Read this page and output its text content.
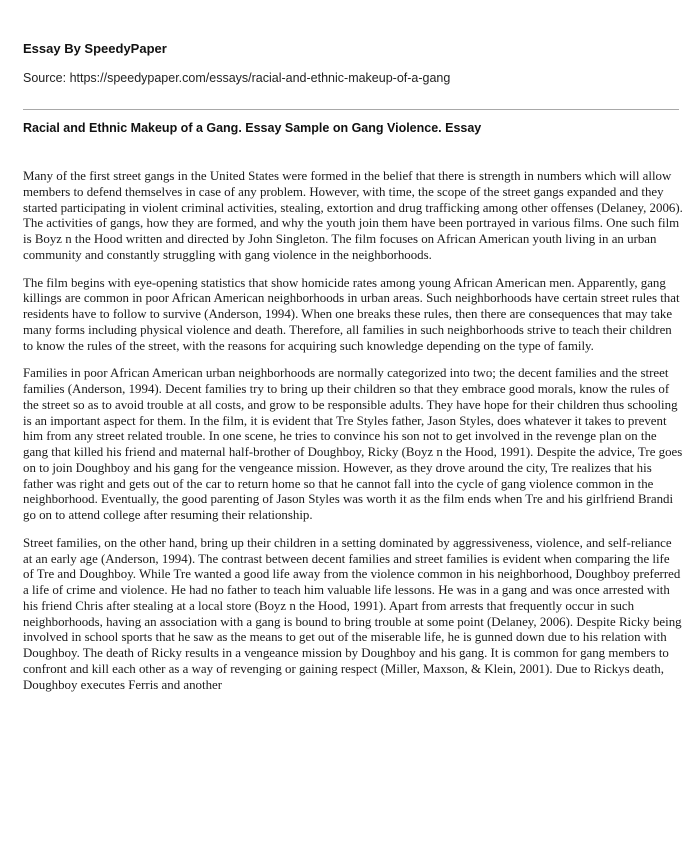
Essay By SpeedyPaper
Source: https://speedypaper.com/essays/racial-and-ethnic-makeup-of-a-gang
Racial and Ethnic Makeup of a Gang. Essay Sample on Gang Violence. Essay

Many of the first street gangs in the United States were formed in the belief that there is strength in numbers which will allow members to defend themselves in case of any problem. However, with time, the scope of the street gangs expanded and they started participating in violent criminal activities, stealing, extortion and drug trafficking among other offenses (Delaney, 2006). The activities of gangs, how they are formed, and why the youth join them have been portrayed in various films. One such film is Boyz n the Hood written and directed by John Singleton. The film focuses on African American youth living in an urban community and constantly struggling with gang violence in the neighborhoods.

The film begins with eye-opening statistics that show homicide rates among young African American men. Apparently, gang killings are common in poor African American neighborhoods in urban areas. Such neighborhoods have certain street rules that residents have to follow to survive (Anderson, 1994). When one breaks these rules, then there are consequences that may take many forms including physical violence and death. Therefore, all families in such neighborhoods strive to teach their children to know the rules of the street, with the reasons for acquiring such knowledge depending on the type of family.

Families in poor African American urban neighborhoods are normally categorized into two; the decent families and the street families (Anderson, 1994). Decent families try to bring up their children so that they embrace good morals, know the rules of the street so as to avoid trouble at all costs, and grow to be responsible adults. They have hope for their children thus schooling is an important aspect for them. In the film, it is evident that Tre Styles father, Jason Styles, does whatever it takes to prevent him from any street related trouble. In one scene, he tries to convince his son not to get involved in the revenge plan on the gang that killed his friend and maternal half-brother of Doughboy, Ricky (Boyz n the Hood, 1991). Despite the advice, Tre goes on to join Doughboy and his gang for the vengeance mission. However, as they drove around the city, Tre realizes that his father was right and gets out of the car to return home so that he cannot fall into the cycle of gang violence common in the neighborhood. Eventually, the good parenting of Jason Styles was worth it as the film ends when Tre and his girlfriend Brandi go on to attend college after resuming their relationship.

Street families, on the other hand, bring up their children in a setting dominated by aggressiveness, violence, and self-reliance at an early age (Anderson, 1994). The contrast between decent families and street families is evident when comparing the life of Tre and Doughboy. While Tre wanted a good life away from the violence common in his neighborhood, Doughboy preferred a life of crime and violence. He had no father to teach him valuable life lessons. He was in a gang and was once arrested with his friend Chris after stealing at a local store (Boyz n the Hood, 1991). Apart from arrests that frequently occur in such neighborhoods, having an association with a gang is bound to bring trouble at some point (Delaney, 2006). Despite Ricky being involved in school sports that he saw as the means to get out of the miserable life, he is gunned down due to his relation with Doughboy. The death of Ricky results in a vengeance mission by Doughboy and his gang. It is common for gang members to confront and kill each other as a way of revenging or gaining respect (Miller, Maxson, & Klein, 2001). Due to Rickys death, Doughboy executes Ferris and another
